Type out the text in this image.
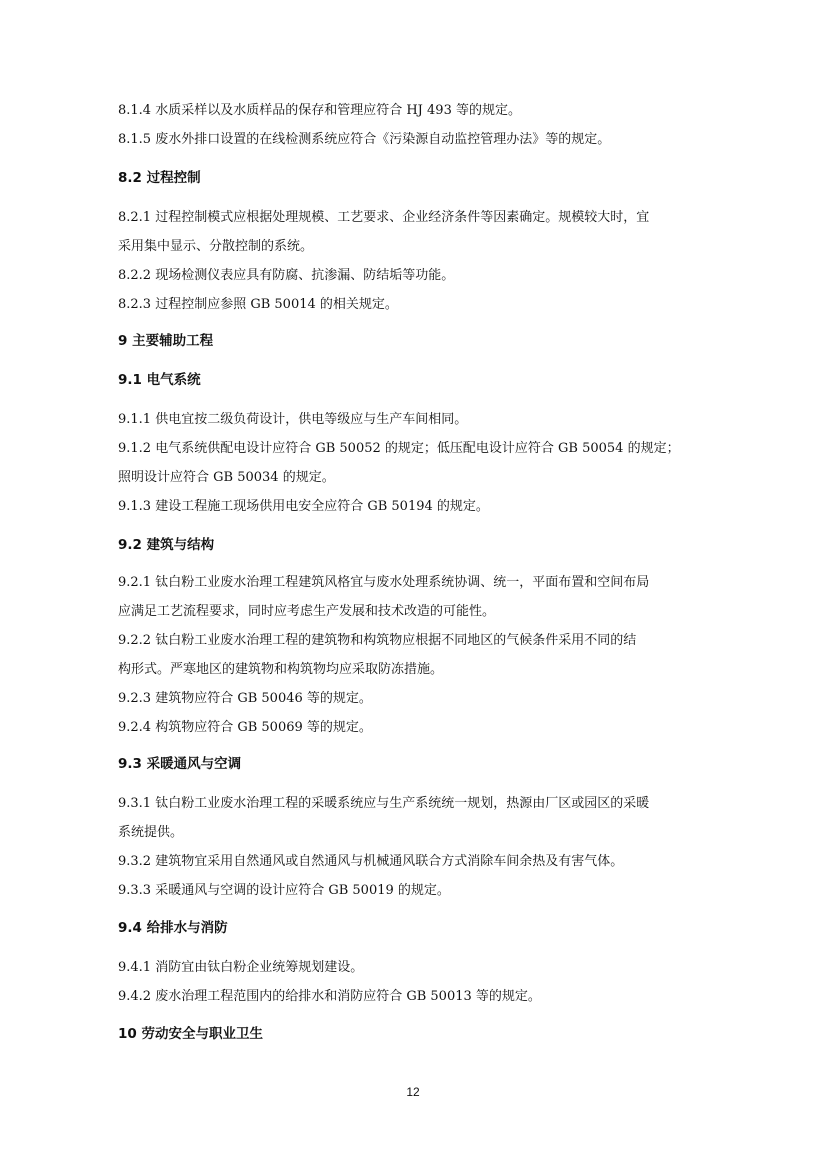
8.1.4 水质采样以及水质样品的保存和管理应符合 HJ 493 等的规定。
8.1.5 废水外排口设置的在线检测系统应符合《污染源自动监控管理办法》等的规定。
8.2 过程控制
8.2.1 过程控制模式应根据处理规模、工艺要求、企业经济条件等因素确定。规模较大时，宜
采用集中显示、分散控制的系统。
8.2.2 现场检测仪表应具有防腐、抗渗漏、防结垢等功能。
8.2.3 过程控制应参照 GB 50014 的相关规定。
9 主要辅助工程
9.1 电气系统
9.1.1 供电宜按二级负荷设计，供电等级应与生产车间相同。
9.1.2 电气系统供配电设计应符合 GB 50052 的规定；低压配电设计应符合 GB 50054 的规定；
照明设计应符合 GB 50034 的规定。
9.1.3 建设工程施工现场供用电安全应符合 GB 50194 的规定。
9.2 建筑与结构
9.2.1 钛白粉工业废水治理工程建筑风格宜与废水处理系统协调、统一，平面布置和空间布局
应满足工艺流程要求，同时应考虑生产发展和技术改造的可能性。
9.2.2 钛白粉工业废水治理工程的建筑物和构筑物应根据不同地区的气候条件采用不同的结
构形式。严寒地区的建筑物和构筑物均应采取防冻措施。
9.2.3 建筑物应符合 GB 50046 等的规定。
9.2.4 构筑物应符合 GB 50069 等的规定。
9.3 采暖通风与空调
9.3.1 钛白粉工业废水治理工程的采暖系统应与生产系统统一规划，热源由厂区或园区的采暖
系统提供。
9.3.2 建筑物宜采用自然通风或自然通风与机械通风联合方式消除车间余热及有害气体。
9.3.3 采暖通风与空调的设计应符合 GB 50019 的规定。
9.4 给排水与消防
9.4.1 消防宜由钛白粉企业统筹规划建设。
9.4.2 废水治理工程范围内的给排水和消防应符合 GB 50013 等的规定。
10 劳动安全与职业卫生
12
